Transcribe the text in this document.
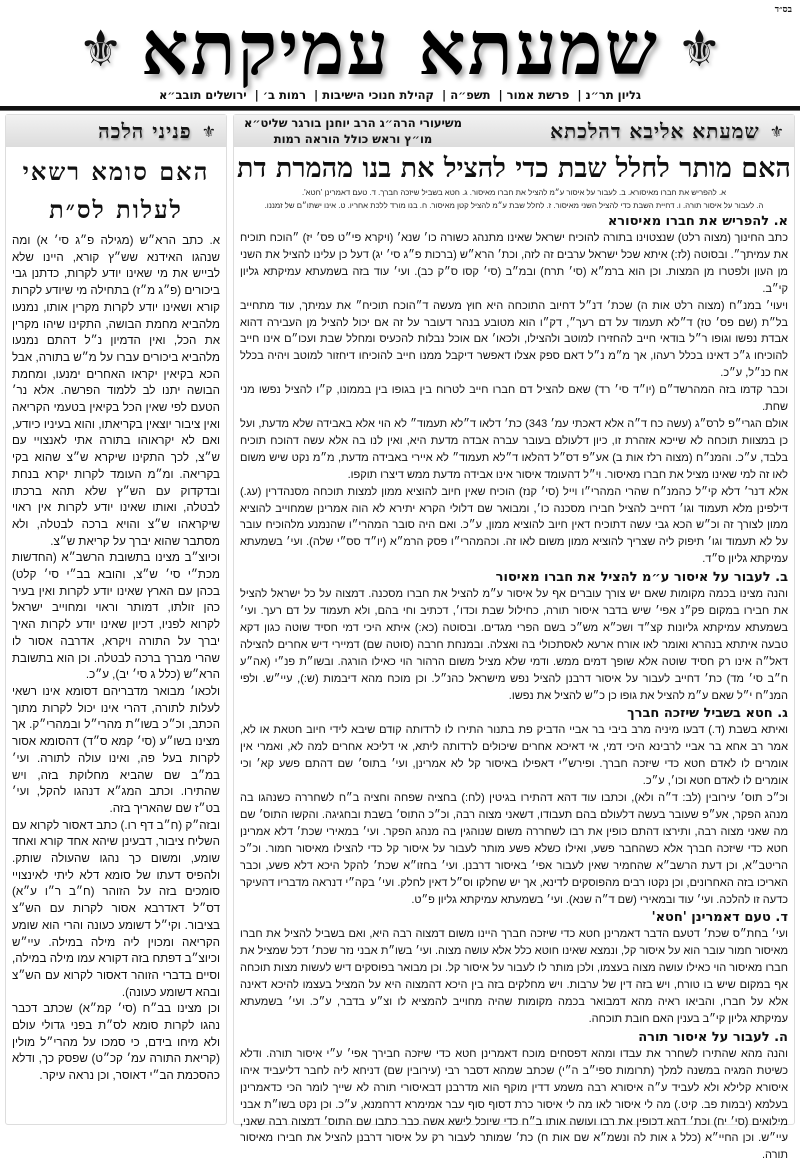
בס״ד
⚜
שמעתא עמיקתא
⚜
גליון תר״נ| פרשת אמור| תשפ״ה| קהילת חנוכי הישיבות| רמות ב׳| ירושלים תובב״א
⚜
שמעתא אליבא דהלכתא
משיעורי הרה״ג הרב יוחנן בורגר שליט״א
מו״ץ וראש כולל הוראה רמות
האם מותר לחלל שבת כדי להציל את בנו מהמרת דת
א. להפריש את חברו מאיסורא. ב. לעבור על איסור ע״מ להציל את חברו מאיסור. ג. חטא בשביל שיזכה חברך. ד. טעם דאמרינן 'חטא'.
ה. לעבור על איסור תורה. ו. דחיית השבת כדי להציל השני מאיסור. ז. לחלל שבת ע״מ להציל קטן מאיסור. ח. בנו מורד ללכת אחריו. ט. אינו ישתו״ם של זמננו.
א. להפריש את חברו מאיסורא

כתב החינוך (מצוה רלט) שנצטוינו בתורה להוכיח ישראל שאינו מתנהג כשורה כו׳ שנא׳ (ויקרא פי״ט פס׳ יז) ״הוכח תוכיח את עמיתך״. ובסוטה (לז:) איתא שכל ישראל ערבים זה לזה, וכת׳ הרא״ש (ברכות פ״ג סי׳ יג) דעל כן עלינו להציל את השני מן העון ולפטרו מן המצות. וכן הוא ברמ״א (סי׳ תרח) ובמ״ב (סי׳ קסו ס״ק כב). ועי׳ עוד בזה בשמעתא עמיקתא גליון קי״ב.

ויעוי׳ במנ״ח (מצוה רלט אות ה) שכת׳ דנ״ל דחיוב התוכחה היא חוץ מעשה ד״הוכח תוכיח״ את עמיתך, עוד מתחייב בל״ת (שם פס׳ טז) ד״לא תעמוד על דם רעך״, דק״ו הוא מטובע בנהר דעובר על זה אם יכול להציל מן העבירה דהוא אבדת נפשו וגופו ר״ל בודאי חייב להחזירו למוטב ולהצילו, ולכאו׳ אם אוכל נבלות להכעיס ומחלל שבת ועכו״ם אינו חייב להוכיחו ג״כ דאינו בכלל רעהו, אך מ״מ נ״ל דאם ספק אצלו דאפשר דיקבל ממנו חייב להוכיחו דיחזור למוטב ויהיה בכלל אח כנ״ל, ע״כ.

וכבר קדמו בזה המהרשד״ם (יו״ד סי׳ רד) שאם להציל דם חברו חייב לטרוח בין בגופו בין בממונו, ק״ו להציל נפשו מני שחת.

אולם הגרי״פ לרס״ג (עשה כח ד״ה אלא דאכתי עמ׳ 343) כת׳ דלאו ד״לא תעמוד״ לא הוי אלא באבידה שלא מדעת, ועל כן במצוות תוכחה לא שייכא אזהרת זו, כיון דלעולם בעובר עברה אבדה מדעת היא, ואין לנו בה אלא עשה דהוכח תוכיח בלבד, ע״כ. והמנ״ח (מצוה רלז אות ב) אע״פ דס״ל דהלאו ד״לא תעמוד״ לא איירי באבידה מדעת, מ״מ נקט שיש משום לאו זה למי שאינו מציל את חברו מאיסור. וי״ל דהעומד איסור אינו אבידה מדעת ממש דיצרו תוקפו.

אלא דנר׳ דלא קי״ל כהמנ״ח שהרי המהרי״ו וייל (סי׳ קנז) הוכיח שאין חיוב להוציא ממון למצות תוכחה מסנהדרין (עג.) דילפינן מלא תעמוד וגו׳ דחייב להציל חבירו מסכנה כו׳, ומבואר שם דלולי הקרא יתירא לא הוה אמרינן שמחוייב להוציא ממון לצורך זה וכ״ש הכא גבי עשה דתוכיח דאין חיוב להוציא ממון, ע״כ. ואם היה סובר המהרי״ו שהנמנע מלהוכיח עובר על לא תעמוד וגו׳ תיפוק ליה שצריך להוציא ממון משום לאו זה. וכהמהרי״ו פסק הרמ״א (יו״ד סס״י שלה). ועי׳ בשמעתא עמיקתא גליון ס״ד.

ב. לעבור על איסור ע״מ להציל את חברו מאיסור

והנה מצינו בכמה מקומות שאם יש צורך עוברים אף על איסור ע״מ להציל את חברו מסכנה. דמצוה על כל ישראל להציל את חבירו במקום פק״נ אפי׳ שיש בדבר איסור תורה, כחילול שבת וכדו׳, דכתיב וחי בהם, ולא תעמוד על דם רעך. ועי׳ בשמעתא עמיקתא גליונות קצ״ד ושכ״א מש״כ בשם הפרי מגדים. ובסוטה (כא:) איתא היכי דמי חסיד שוטה כגון דקא טבעה איתתא בנהרא ואומר לאו אורח ארעא לאסתכולי בה ואצלה. ובמנחת חרבה (סוטה שם) דמיירי דיש אחרים להצילה דאל״ה אינו רק חסיד שוטה אלא שופך דמים ממש. ודמי שלא מציל משום הרהור הוי כאילו הורגה. ובשו״ת פנ״י (אה״ע ח״ב סי׳ מד) כת׳ דחייב לעבור על איסור דרבנן להציל נפש מישראל כהנ״ל. וכן מוכח מהא דיבמות (ש:), עיי״ש. ולפי המנ״ח י״ל שאם ע״מ להציל את גופו כן כ״ש להציל את נפשו.

ג. חטא בשביל שיזכה חברך

ואיתא בשבת (ד.) דבעו מיניה מרב ביבי בר אביי הדביק פת בתנור התירו לו לרדותה קודם שיבא לידי חיוב חטאת או לא, אמר רב אחא בר אביי לרבינא היכי דמי, אי דאיכא אחרים שיכולים לרדותה ליתא, אי דליכא אחרים למה לא, ואמרי אין אומרים לו לאדם חטא כדי שיזכה חברך. ופירש״י דאפילו באיסור קל לא אמרינן, ועי׳ בתוס׳ שם דהתם פשע קא׳ וכי אומרים לו לאדם חטא וכו׳, ע״כ.

וכ״כ תוס׳ עירובין (לב: ד״ה ולא), וכתבו עוד דהא דהתירו בגיטין (לח:) בחציה שפחה וחציה ב״ח לשחררה כשנהגו בה מנהג הפקר, אע״פ שעובר בעשה דלעולם בהם תעבודו, דשאני מצוה רבה, וכ״כ התוס׳ בשבת ובחגיגה. והקשו התוס׳ שם מה שאני מצוה רבה, ותירצו דהתם כופין את רבו לשחררה משום שנוהגין בה מנהג הפקר. ועי׳ במאירי שכת׳ דלא אמרינן חטא כדי שיזכה חברך אלא כשהחבר פשע, ואילו כשלא פשע מותר לעבור על איסור קל כדי להצילו מאיסור חמור. וכ״כ הריטב״א, וכן דעת הרשב״א שהחמיר שאין לעבור אפי׳ באיסור דרבנן. ועי׳ בחזו״א שכת׳ להקל היכא דלא פשע, וכבר האריכו בזה האחרונים, וכן נקטו רבים מהפוסקים לדינא, אך יש שחלקו וס״ל דאין לחלק. ועי׳ בקה״י דנראה מדבריו דהעיקר כדעה זו להלכה. ועי׳ עוד ובמאירי (שם ד״ה שנא). ועי׳ בשמעתא עמיקתא גליון פ״ט.

ד. טעם דאמרינן 'חטא'

ועי׳ בחת״ס שכת׳ דטעם הדבר דאמרינן חטא כדי שיזכה חברך היינו משום דמצוה רבה היא, ואם בשביל להציל את חברו מאיסור חמור עובר הוא על איסור קל, ונמצא שאינו חוטא כלל אלא עושה מצוה. ועי׳ בשו״ת אבני נזר שכת׳ דכל שמציל את חברו מאיסור הוי כאילו עושה מצוה בעצמו, ולכן מותר לו לעבור על איסור קל. וכן מבואר בפוסקים דיש לעשות מצות תוכחה אף במקום שיש בו טורח, ויש בזה דין של ערבות. ויש מחלקים בזה בין היכא דהמצוה היא על המציל בעצמו להיכא דאינה אלא על חברו, והביאו ראיה מהא דמבואר בכמה מקומות שהיה מחוייב להמציא לו וצ״ע בדבר, ע״כ. ועי׳ בשמעתא עמיקתא גליון קי״ב בענין האם חובת תוכחה.

ה. לעבור על איסור תורה

והנה מהא שהתירו לשחרר את עבדו ומהא דפסחים מוכח דאמרינן חטא כדי שיזכה חבירך אפי׳ ע״י איסור תורה. ודלא כשיטת המגיה במשנה למלך (תרומות ספי״ב ה״י) שכתב שמהא דסבר רבי (עירובין שם) דניחא ליה לחבר דליעביד איהו איסורא קלילא ולא לעביד ע״ה איסורא רבה משמע דדין מוקף הוא מדרבנן דבאיסורי תורה לא שייך לומר הכי כדאמרינן בעלמא (יבמות פב. קיט.) מה לי איסור לאו מה לי איסור כרת דסוף סוף עבר אמימרא דרחמנא, ע״כ. וכן נקט בשו״ת אבני מילואים (סי׳ יח) וכת׳ דהא דכופין את רבו ועושה אותו ב״ח כדי שיוכל לישא אשה כבר כתבו שם התוס׳ דמצוה רבה שאני, עיי״ש. וכן החיי״א (כלל ג אות לה ונשמ״א שם אות ח) כת׳ שמותר לעבור רק על איסור דרבנן להציל את חבירו מאיסור תורה.

⚜
פניני הלכה
האם סומא רשאי
לעלות לס״ת

א. כתב הרא״ש (מגילה פ״ג סי׳ א) ומה שנהגו האידנא שש״ץ קורא, היינו שלא לבייש את מי שאינו יודע לקרות, כדתנן גבי ביכורים (פ״ג מ״ז) בתחילה מי שיודע לקרות קורא ושאינו יודע לקרות מקרין אותו, נמנעו מלהביא מחמת הבושה, התקינו שיהו מקרין את הכל, ואין הדמיון נ״ל דהתם נמנעו מלהביא ביכורים עברו על מ״ש בתורה, אבל הכא בקיאין יקראו האחרים ימנעו, ומחמת הבושה יתנו לב ללמוד הפרשה. אלא נר׳ הטעם לפי שאין הכל בקיאין בטעמי הקריאה ואין ציבור יוצאין בקריאתו, והוא בעיניו כיודע, ואם לא יקראוהו בתורה אתי לאנצויי עם ש״צ, לכך התקינו שיקרא ש״צ שהוא בקי בקריאה. ומ״מ העומד לקרות יקרא בנחת ובדקדוק עם הש״ץ שלא תהא ברכתו לבטלה, ואותו שאינו יודע לקרות אין ראוי שיקראהו ש״צ והויא ברכה לבטלה, ולא מסתבר שהוא יברך על קריאת ש״צ.

וכיוצ״ב מצינו בתשובת הרשב״א (החדשות מכת״י סי׳ ש״צ, והובא בב״י סי׳ קלט) בכהן עם הארץ שאינו יודע לקרות ואין בעיר כהן זולתו, דמותר וראוי ומחוייב ישראל לקרוא לפניו, דכיון שאינו יודע לקרות האיך יברך על התורה ויקרא, אדרבה אסור לו שהרי מברך ברכה לבטלה. וכן הוא בתשובת הרא״ש (כלל ג סי׳ יב), ע״כ.

ולכאו׳ מבואר מדבריהם דסומא אינו רשאי לעלות לתורה, דהרי אינו יכול לקרות מתוך הכתב, וכ״כ בשו״ת מהרי״ל ובמהרי״ק. אך מצינו בשו״ע (סי׳ קמא ס״ד) דהסומא אסור לקרות בעל פה, ואינו עולה לתורה. ועי׳ במ״ב שם שהביא מחלוקת בזה, ויש שהתירו. וכתב המג״א דנהגו להקל, ועי׳ בט״ז שם שהאריך בזה.

ובזה״ק (ח״ב דף רו.) כתב דאסור לקרוא עם השליח ציבור, דבעינן שיהא אחד קורא ואחד שומע, ומשום כך נהגו שהעולה שותק. ולהפיס דעתו של סומא דלא ליתי לאינצויי סומכים בזה על הזוהר (ח״ב ר״ו ע״א) דס״ל דאדרבא אסור לקרות עם הש״צ בציבור. וקי״ל דשומע כעונה והרי הוא שומע הקריאה ומכוין ליה מילה במילה. עיי״ש וכיוצ״ב דפתח בזה דקורא עמו מילה במילה, וסיים בדברי הזוהר דאסור לקרוא עם הש״צ ובהא דשומע כעונה).

וכן מצינו בב״ח (סי׳ קמ״א) שכתב דכבר נהגו לקרות סומא לס״ת בפני גדולי עולם ולא מיחו בידם, כי סמכו על מהרי״ל מולין (קריאת התורה עמ׳ קכ״ט) שפסק כך, ודלא כהסכמת הב״י דאוסר, וכן נראה עיקר.
